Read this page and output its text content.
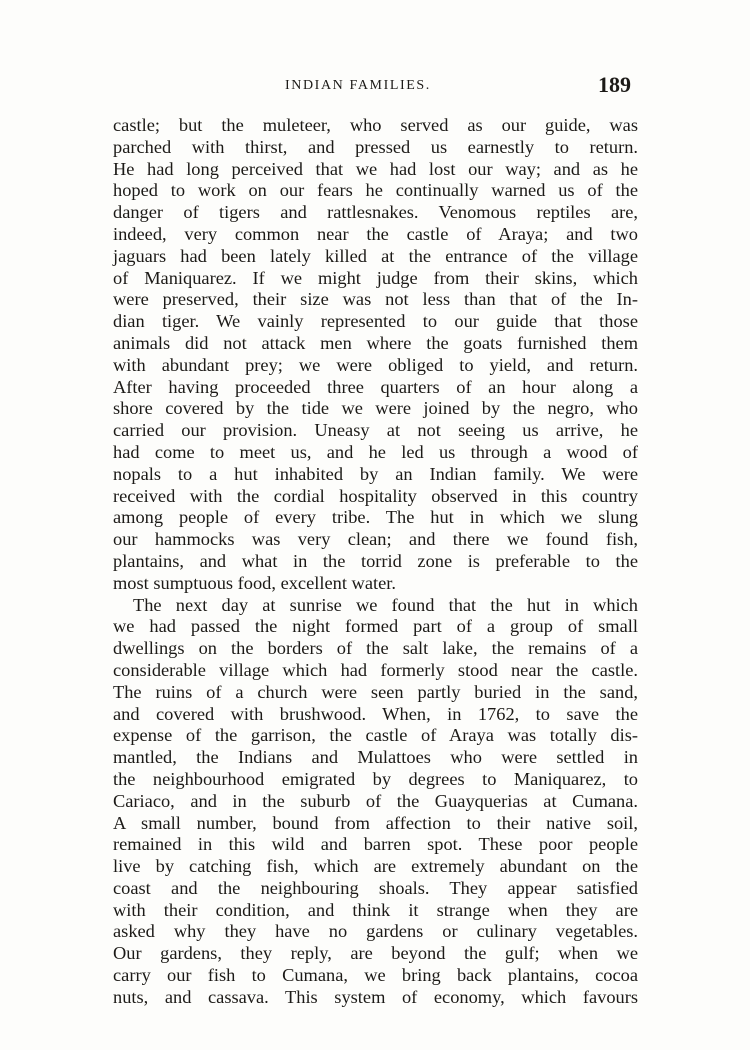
INDIAN FAMILIES.	189
castle; but the muleteer, who served as our guide, was
parched with thirst, and pressed us earnestly to return.
He had long perceived that we had lost our way; and as he
hoped to work on our fears he continually warned us of the
danger of tigers and rattlesnakes. Venomous reptiles are,
indeed, very common near the castle of Araya; and two
jaguars had been lately killed at the entrance of the village
of Maniquarez. If we might judge from their skins, which
were preserved, their size was not less than that of the In-
dian tiger. We vainly represented to our guide that those
animals did not attack men where the goats furnished them
with abundant prey; we were obliged to yield, and return.
After having proceeded three quarters of an hour along a
shore covered by the tide we were joined by the negro, who
carried our provision. Uneasy at not seeing us arrive, he
had come to meet us, and he led us through a wood of
nopals to a hut inhabited by an Indian family. We were
received with the cordial hospitality observed in this country
among people of every tribe. The hut in which we slung
our hammocks was very clean; and there we found fish,
plantains, and what in the torrid zone is preferable to the
most sumptuous food, excellent water.
The next day at sunrise we found that the hut in which
we had passed the night formed part of a group of small
dwellings on the borders of the salt lake, the remains of a
considerable village which had formerly stood near the castle.
The ruins of a church were seen partly buried in the sand,
and covered with brushwood. When, in 1762, to save the
expense of the garrison, the castle of Araya was totally dis-
mantled, the Indians and Mulattoes who were settled in
the neighbourhood emigrated by degrees to Maniquarez, to
Cariaco, and in the suburb of the Guayquerias at Cumana.
A small number, bound from affection to their native soil,
remained in this wild and barren spot. These poor people
live by catching fish, which are extremely abundant on the
coast and the neighbouring shoals. They appear satisfied
with their condition, and think it strange when they are
asked why they have no gardens or culinary vegetables.
Our gardens, they reply, are beyond the gulf; when we
carry our fish to Cumana, we bring back plantains, cocoa
nuts, and cassava. This system of economy, which favours
